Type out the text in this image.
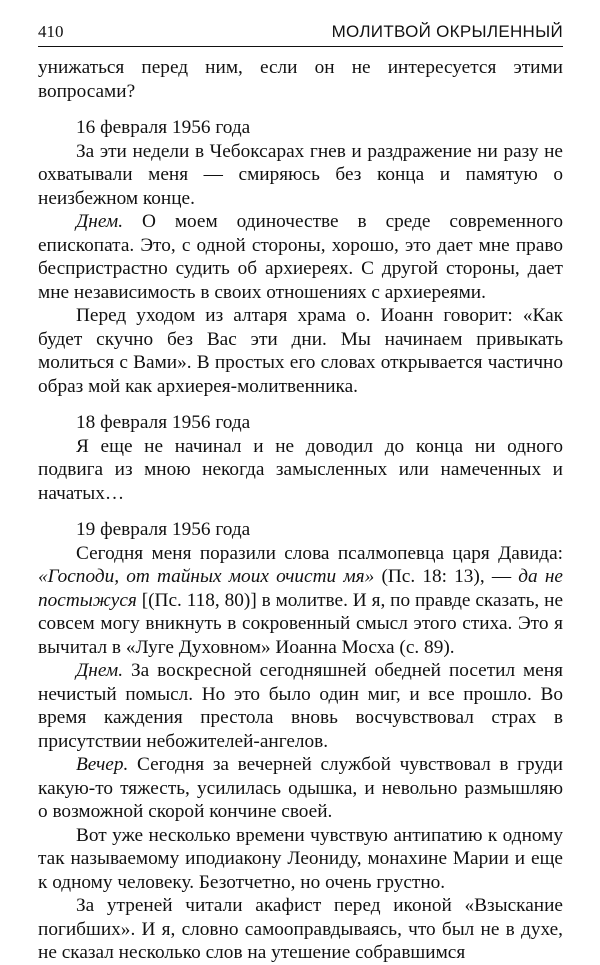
410	МОЛИТВОЙ ОКРЫЛЕННЫЙ

унижаться перед ним, если он не интересуется этими вопросами?

16 февраля 1956 года

За эти недели в Чебоксарах гнев и раздражение ни разу не охватывали меня — смиряюсь без конца и памятую о неизбежном конце.

Днем. О моем одиночестве в среде современного епископата. Это, с одной стороны, хорошо, это дает мне право беспристрастно судить об архиереях. С другой стороны, дает мне независимость в своих отношениях с архиереями.

Перед уходом из алтаря храма о. Иоанн говорит: «Как будет скучно без Вас эти дни. Мы начинаем привыкать молиться с Вами». В простых его словах открывается частично образ мой как архиерея-молитвенника.

18 февраля 1956 года

Я еще не начинал и не доводил до конца ни одного подвига из мною некогда замысленных или намеченных и начатых…

19 февраля 1956 года

Сегодня меня поразили слова псалмопевца царя Давида: «Господи, от тайных моих очисти мя» (Пс. 18: 13), — да не постыжуся [(Пс. 118, 80)] в молитве. И я, по правде сказать, не совсем могу вникнуть в сокровенный смысл этого стиха. Это я вычитал в «Луге Духовном» Иоанна Мосха (с. 89).

Днем. За воскресной сегодняшней обедней посетил меня нечистый помысл. Но это было один миг, и все прошло. Во время каждения престола вновь восчувствовал страх в присутствии небожителей-ангелов.

Вечер. Сегодня за вечерней службой чувствовал в груди какую-то тяжесть, усилилась одышка, и невольно размышляю о возможной скорой кончине своей.

Вот уже несколько времени чувствую антипатию к одному так называемому иподиакону Леониду, монахине Марии и еще к одному человеку. Безотчетно, но очень грустно.

За утреней читали акафист перед иконой «Взыскание погибших». И я, словно самооправдываясь, что был не в духе, не сказал несколько слов на утешение собравшимся
